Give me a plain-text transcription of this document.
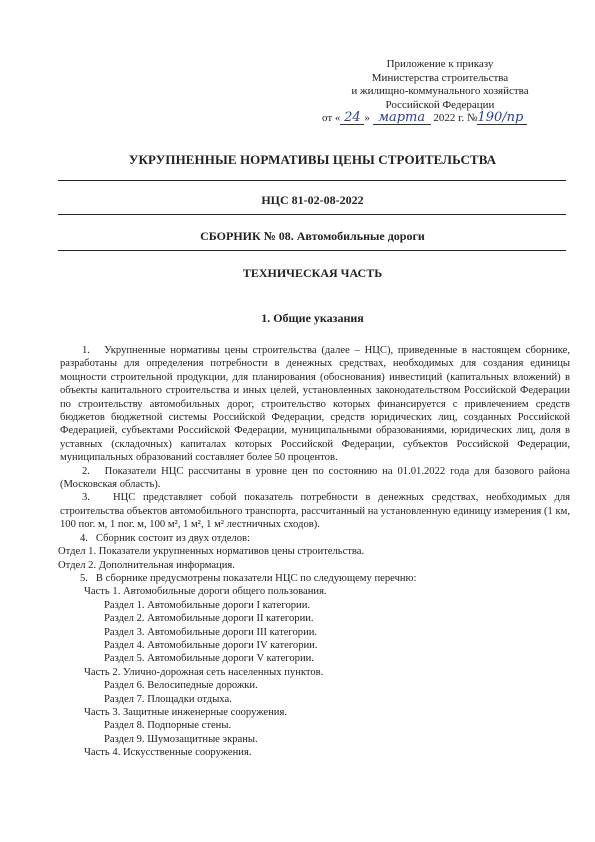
Приложение к приказу
Министерства строительства
и жилищно-коммунального хозяйства
Российской Федерации
от « 24 » марта 2022 г. №190/пр
УКРУПНЕННЫЕ НОРМАТИВЫ ЦЕНЫ СТРОИТЕЛЬСТВА
НЦС 81-02-08-2022
СБОРНИК № 08. Автомобильные дороги
ТЕХНИЧЕСКАЯ ЧАСТЬ
1. Общие указания

1.   Укрупненные нормативы цены строительства (далее – НЦС), приведенные в настоящем сборнике, разработаны для определения потребности в денежных средствах, необходимых для создания единицы мощности строительной продукции, для планирования (обоснования) инвестиций (капитальных вложений) в объекты капитального строительства и иных целей, установленных законодательством Российской Федерации по строительству автомобильных дорог, строительство которых финансируется с привлечением средств бюджетов бюджетной системы Российской Федерации, средств юридических лиц, созданных Российской Федерацией, субъектами Российской Федерации, муниципальными образованиями, юридических лиц, доля в уставных (складочных) капиталах которых Российской Федерации, субъектов Российской Федерации, муниципальных образований составляет более 50 процентов.

2.   Показатели НЦС рассчитаны в уровне цен по состоянию на 01.01.2022 года для базового района (Московская область).

3.   НЦС представляет собой показатель потребности в денежных средствах, необходимых для строительства объектов автомобильного транспорта, рассчитанный на установленную единицу измерения (1 км, 100 пог. м, 1 пог. м, 100 м², 1 м², 1 м² лестничных сходов).

4.   Сборник состоит из двух отделов:

Отдел 1. Показатели укрупненных нормативов цены строительства.

Отдел 2. Дополнительная информация.

5.   В сборнике предусмотрены показатели НЦС по следующему перечню:

Часть 1. Автомобильные дороги общего пользования.

Раздел 1. Автомобильные дороги I категории.

Раздел 2. Автомобильные дороги II категории.

Раздел 3. Автомобильные дороги III категории.

Раздел 4. Автомобильные дороги IV категории.

Раздел 5. Автомобильные дороги V категории.

Часть 2. Улично-дорожная сеть населенных пунктов.

Раздел 6. Велосипедные дорожки.

Раздел 7. Площадки отдыха.

Часть 3. Защитные инженерные сооружения.

Раздел 8. Подпорные стены.

Раздел 9. Шумозащитные экраны.

Часть 4. Искусственные сооружения.
